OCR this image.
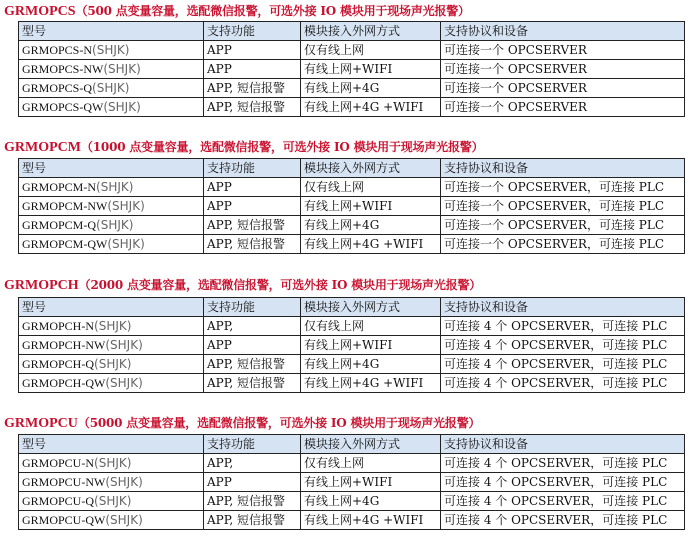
GRMOPCS（500 点变量容量，选配微信报警，可选外接 IO 模块用于现场声光报警）
型号	支持功能	模块接入外网方式	支持协议和设备
GRMOPCS-N(SHJK)	APP	仅有线上网	可连接一个 OPCSERVER
GRMOPCS-NW(SHJK)	APP	有线上网+WIFI	可连接一个 OPCSERVER
GRMOPCS-Q(SHJK)	APP, 短信报警	有线上网+4G	可连接一个 OPCSERVER
GRMOPCS-QW(SHJK)	APP, 短信报警	有线上网+4G +WIFI	可连接一个 OPCSERVER
GRMOPCM（1000 点变量容量，选配微信报警，可选外接 IO 模块用于现场声光报警）
型号	支持功能	模块接入外网方式	支持协议和设备
GRMOPCM-N(SHJK)	APP	仅有线上网	可连接一个 OPCSERVER，可连接 PLC
GRMOPCM-NW(SHJK)	APP	有线上网+WIFI	可连接一个 OPCSERVER，可连接 PLC
GRMOPCM-Q(SHJK)	APP, 短信报警	有线上网+4G	可连接一个 OPCSERVER，可连接 PLC
GRMOPCM-QW(SHJK)	APP, 短信报警	有线上网+4G +WIFI	可连接一个 OPCSERVER，可连接 PLC
GRMOPCH（2000 点变量容量，选配微信报警，可选外接 IO 模块用于现场声光报警）
型号	支持功能	模块接入外网方式	支持协议和设备
GRMOPCH-N(SHJK)	APP,	仅有线上网	可连接 4 个 OPCSERVER，可连接 PLC
GRMOPCH-NW(SHJK)	APP	有线上网+WIFI	可连接 4 个 OPCSERVER，可连接 PLC
GRMOPCH-Q(SHJK)	APP, 短信报警	有线上网+4G	可连接 4 个 OPCSERVER，可连接 PLC
GRMOPCH-QW(SHJK)	APP, 短信报警	有线上网+4G +WIFI	可连接 4 个 OPCSERVER，可连接 PLC
GRMOPCU（5000 点变量容量，选配微信报警，可选外接 IO 模块用于现场声光报警）
型号	支持功能	模块接入外网方式	支持协议和设备
GRMOPCU-N(SHJK)	APP,	仅有线上网	可连接 4 个 OPCSERVER，可连接 PLC
GRMOPCU-NW(SHJK)	APP	有线上网+WIFI	可连接 4 个 OPCSERVER，可连接 PLC
GRMOPCU-Q(SHJK)	APP, 短信报警	有线上网+4G	可连接 4 个 OPCSERVER，可连接 PLC
GRMOPCU-QW(SHJK)	APP, 短信报警	有线上网+4G +WIFI	可连接 4 个 OPCSERVER，可连接 PLC
